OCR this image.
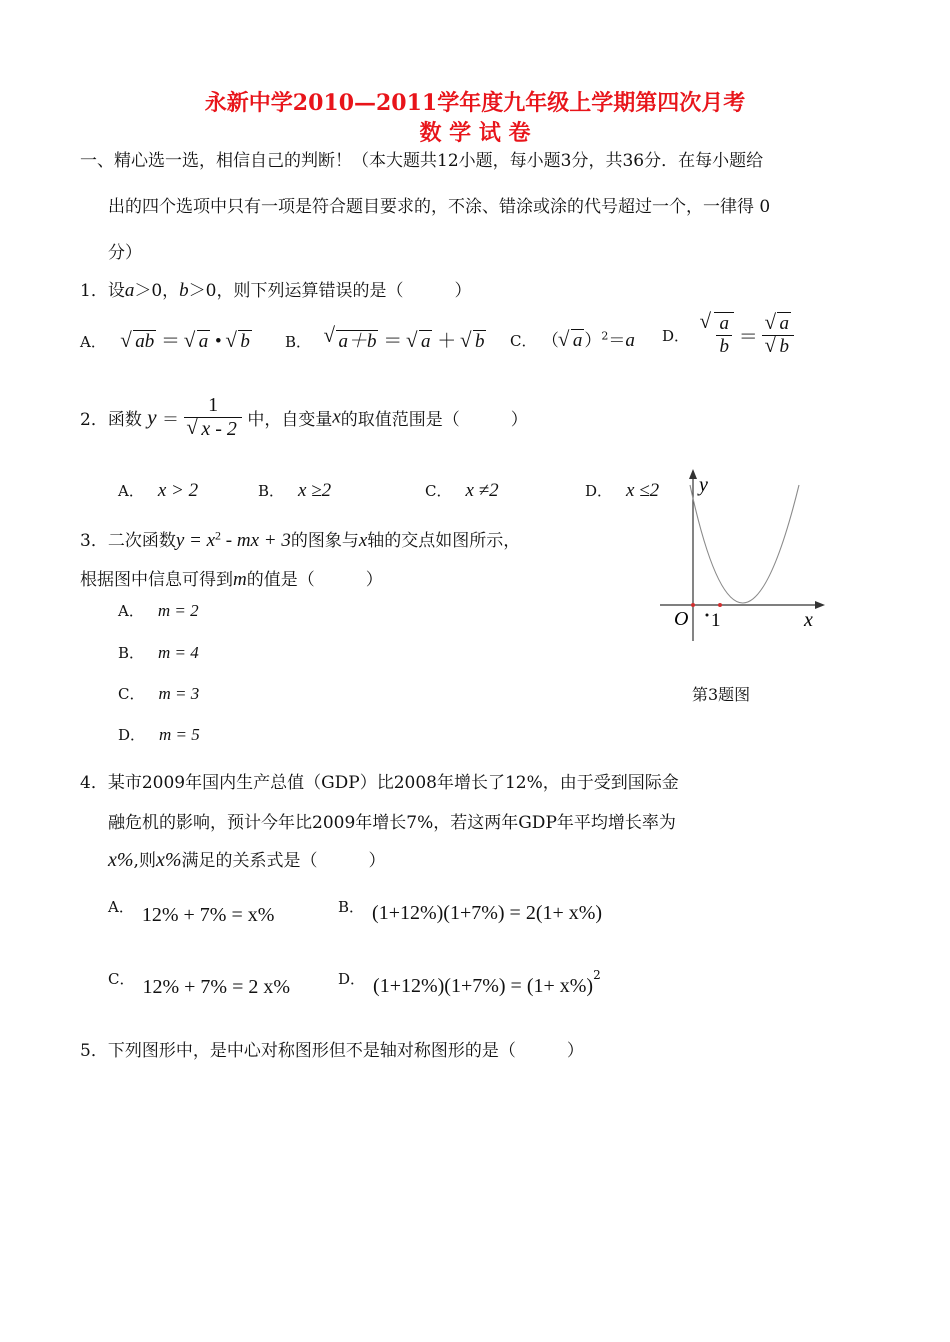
永新中学2010—2011学年度九年级上学期第四次月考
数 学 试 卷
一、精心选一选，相信自己的判断！（本大题共12小题，每小题3分，共36分．在每小题给
出的四个选项中只有一项是符合题目要求的，不涂、错涂或涂的代号超过一个，一律得 0
分）
1．设a＞0，b＞0，则下列运算错误的是（　　　）
A． √ ab ＝ √ a • √ b B． √ a＋b ＝ √ a ＋ √ b C． （ √ a ）$^2$＝a D． √ $\frac{a}{b}$ ＝ √ a
√ b
2．函数 y ＝ 1
√ x - 2 中，自变量x的取值范围是（　　　）
A． x > 2	B． x ≥2	C． x ≠2	D． x ≤2
3．二次函数$y = x^2$ - mx + 3的图象与x轴的交点如图所示，
根据图中信息可得到m的值是（　　　）
A． m = 2
B． m = 4
C． m = 3
D． m = 5
y
x
O 1
第3题图
4．某市2009年国内生产总值（GDP）比2008年增长了12%，由于受到国际金
融危机的影响，预计今年比2009年增长7%，若这两年GDP年平均增长率为
x%,则x%满足的关系式是（　　　）
A． 12% + 7% = x%	B． (1+12%)(1+7%) = 2(1+ x%)
C． 12% + 7% = 2 x%	D． $(1+12\%)(1+7\%) = (1+ x\%)^2$
5．下列图形中，是中心对称图形但不是轴对称图形的是（　　　）
